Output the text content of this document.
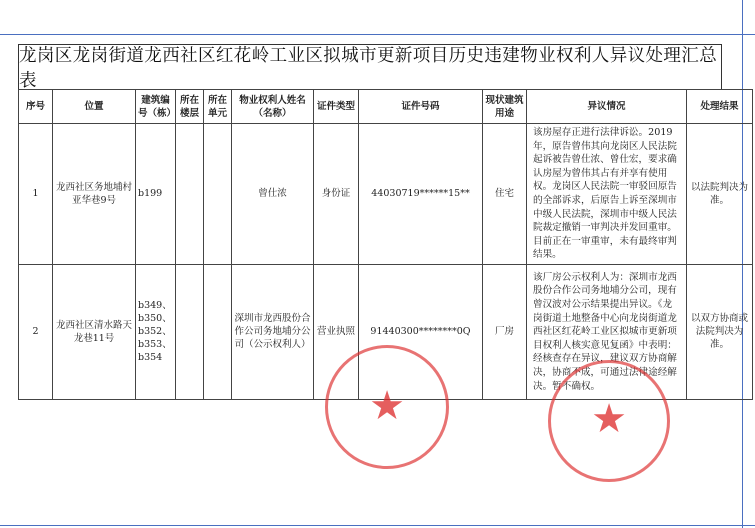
龙岗区龙岗街道龙西社区红花岭工业区拟城市更新项目历史违建物业权利人异议处理汇总表
序号	位置	建筑编号（栋）	所在楼层	所在单元	物业权利人姓名（名称）	证件类型	证件号码	现状建筑用途	异议情况	处理结果
1	龙西社区务地埔村亚华巷9号	b199			曾仕浓	身份证	44030719******15**	住宅	该房屋存正进行法律诉讼。2019年，原告曾伟其向龙岗区人民法院起诉被告曾仕浓、曾仕宏，要求确认房屋为曾伟其占有并享有使用权。龙岗区人民法院一审驳回原告的全部诉求，后原告上诉至深圳市中级人民法院，深圳市中级人民法院裁定撤销一审判决并发回重审。目前正在一审重审，未有最终审判结果。	以法院判决为准。
2	龙西社区清水路天龙巷11号	b349、b350、b352、b353、b354			深圳市龙西股份合作公司务地埔分公司（公示权利人）	营业执照	91440300********0Q	厂房	该厂房公示权利人为：深圳市龙西股份合作公司务地埔分公司，现有曾汉波对公示结果提出异议。《龙岗街道土地整备中心向龙岗街道龙西社区红花岭工业区拟城市更新项目权利人核实意见复函》中表明：经核查存在异议，建议双方协商解决，协商不成，可通过法律途经解决。暂不确权。	以双方协商或法院判决为准。
★	★
